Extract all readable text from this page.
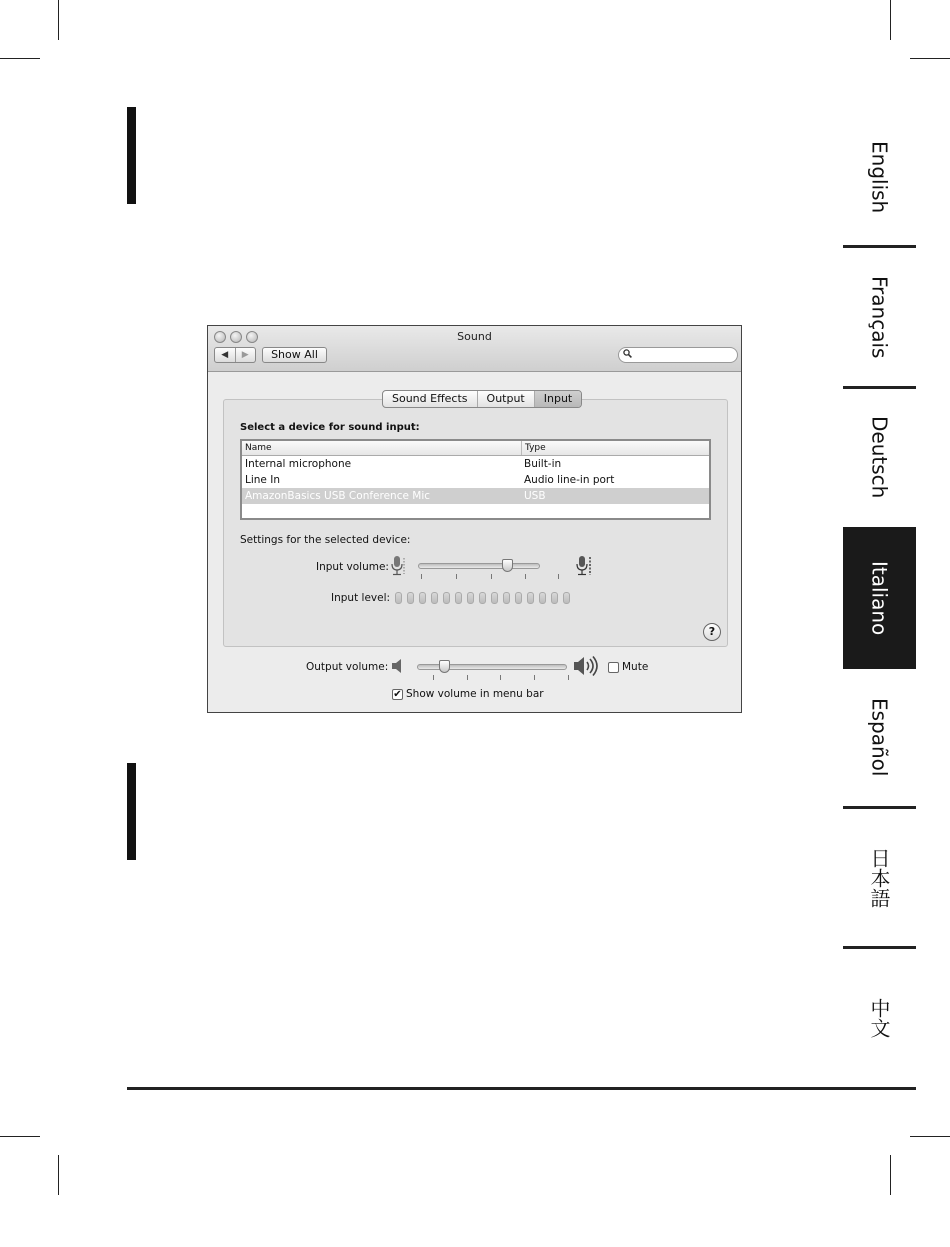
English
Français
Deutsch
Italiano
Español
日本語
中文
Sound
◀	▶	Show All
Sound Effects	Output	Input
Select a device for sound input:
Name	Type
Internal microphone	Built-in
Line In	Audio line-in port
AmazonBasics USB Conference Mic	USB
Settings for the selected device:
Input volume:
Input level:
?
Output volume:	Mute
✔ Show volume in menu bar
